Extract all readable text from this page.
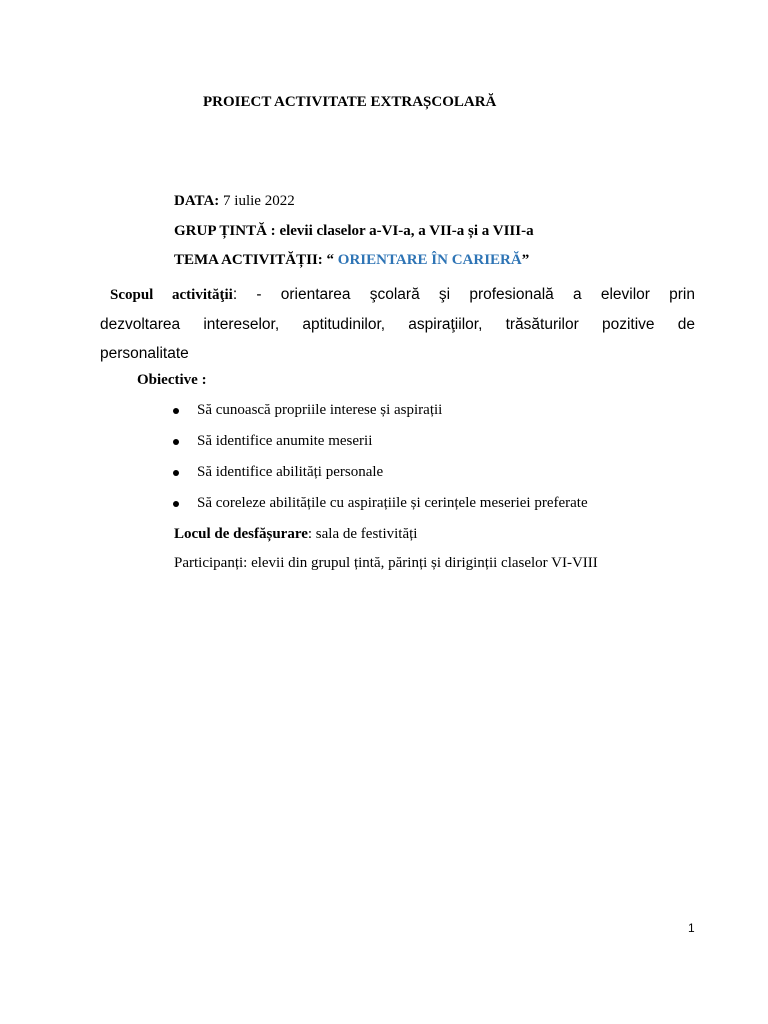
PROIECT ACTIVITATE EXTRAȘCOLARĂ
DATA: 7 iulie 2022
GRUP ȚINTĂ : elevii claselor a-VI-a, a VII-a și a VIII-a
TEMA ACTIVITĂȚII: “ ORIENTARE ÎN CARIERĂ”
Scopul activităţii: - orientarea şcolară şi profesională a elevilor prin
dezvoltarea intereselor, aptitudinilor, aspiraţiilor, trăsăturilor pozitive de
personalitate
Obiective :
Să cunoască propriile interese și aspirații
Să identifice anumite meserii
Să identifice abilități personale
Să coreleze abilitățile cu aspirațiile și cerințele meseriei preferate
Locul de desfășurare: sala de festivități
Participanți: elevii din grupul țintă, părinți și diriginții claselor VI-VIII
1
